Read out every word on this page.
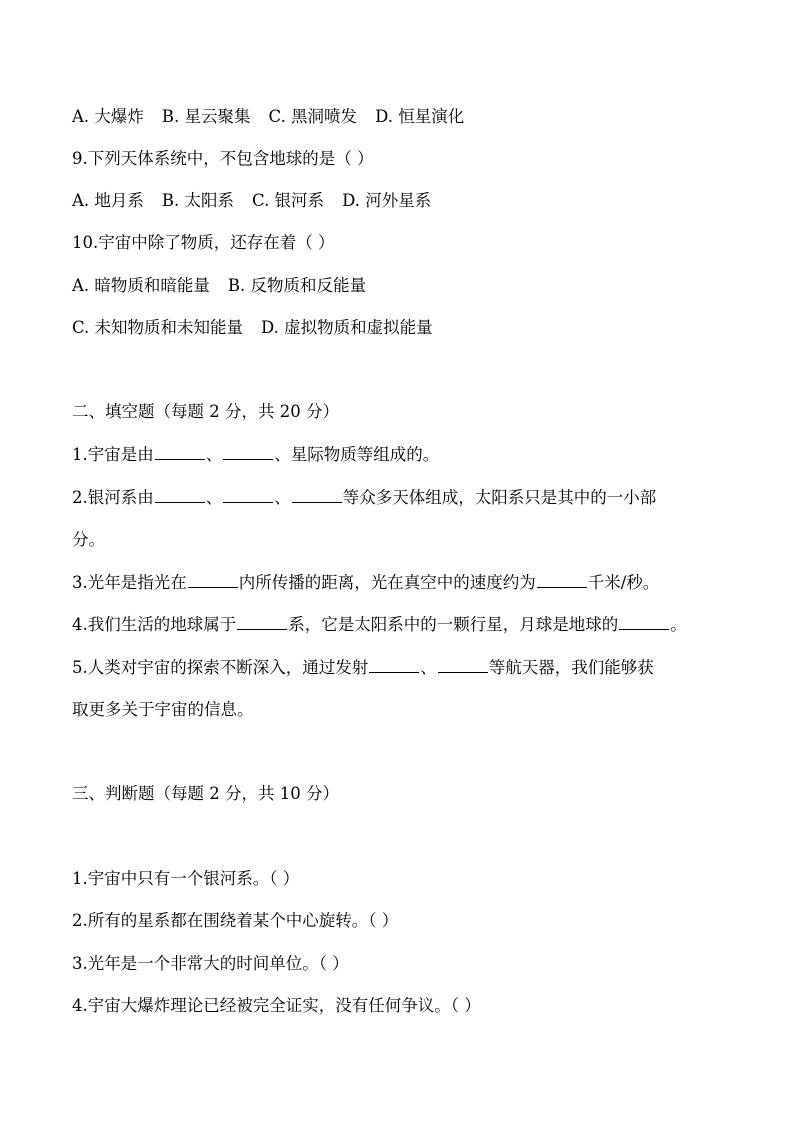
A. 大爆炸 B. 星云聚集 C. 黑洞喷发 D. 恒星演化
9.下列天体系统中，不包含地球的是（ ）
A. 地月系 B. 太阳系 C. 银河系 D. 河外星系
10.宇宙中除了物质，还存在着（ ）
A. 暗物质和暗能量 B. 反物质和反能量
C. 未知物质和未知能量 D. 虚拟物质和虚拟能量
二、填空题（每题 2 分，共 20 分）
1.宇宙是由	、	、星际物质等组成的。
2.银河系由	、	、	等众多天体组成，太阳系只是其中的一小部
分。
3.光年是指光在	内所传播的距离，光在真空中的速度约为	千米/秒。
4.我们生活的地球属于	系，它是太阳系中的一颗行星，月球是地球的	。
5.人类对宇宙的探索不断深入，通过发射	、	等航天器，我们能够获
取更多关于宇宙的信息。
三、判断题（每题 2 分，共 10 分）
1.宇宙中只有一个银河系。（ ）
2.所有的星系都在围绕着某个中心旋转。（ ）
3.光年是一个非常大的时间单位。（ ）
4.宇宙大爆炸理论已经被完全证实，没有任何争议。（ ）
